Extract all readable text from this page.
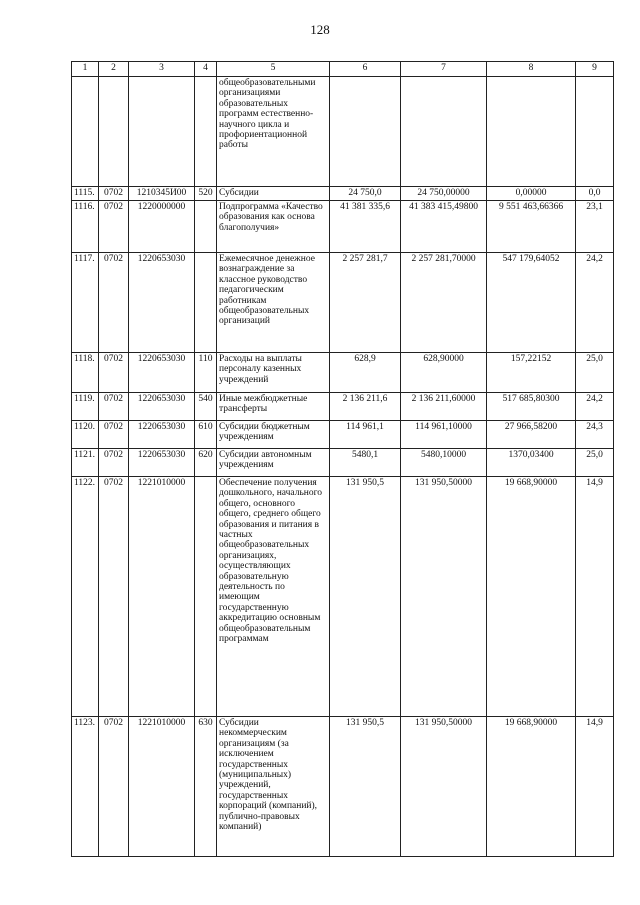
128
1	2	3	4	5	6	7	8	9
				общеобразовательными организациями образовательных программ естественно-научного цикла и профориентационной работы				
1115.	0702	1210345И00	520	Субсидии	24 750,0	24 750,00000	0,00000	0,0
1116.	0702	1220000000		Подпрограмма «Качество образования как основа благополучия»	41 381 335,6	41 383 415,49800	9 551 463,66366	23,1
1117.	0702	1220653030		Ежемесячное денежное вознаграждение за классное руководство педагогическим работникам общеобразовательных организаций	2 257 281,7	2 257 281,70000	547 179,64052	24,2
1118.	0702	1220653030	110	Расходы на выплаты персоналу казенных учреждений	628,9	628,90000	157,22152	25,0
1119.	0702	1220653030	540	Иные межбюджетные трансферты	2 136 211,6	2 136 211,60000	517 685,80300	24,2
1120.	0702	1220653030	610	Субсидии бюджетным учреждениям	114 961,1	114 961,10000	27 966,58200	24,3
1121.	0702	1220653030	620	Субсидии автономным учреждениям	5480,1	5480,10000	1370,03400	25,0
1122.	0702	1221010000		Обеспечение получения дошкольного, начального общего, основного общего, среднего общего образования и питания в частных общеобразовательных организациях, осуществляющих образовательную деятельность по имеющим государственную аккредитацию основным общеобразовательным программам	131 950,5	131 950,50000	19 668,90000	14,9
1123.	0702	1221010000	630	Субсидии некоммерческим организациям (за исключением государственных (муниципальных) учреждений, государственных корпораций (компаний), публично-правовых компаний)	131 950,5	131 950,50000	19 668,90000	14,9
